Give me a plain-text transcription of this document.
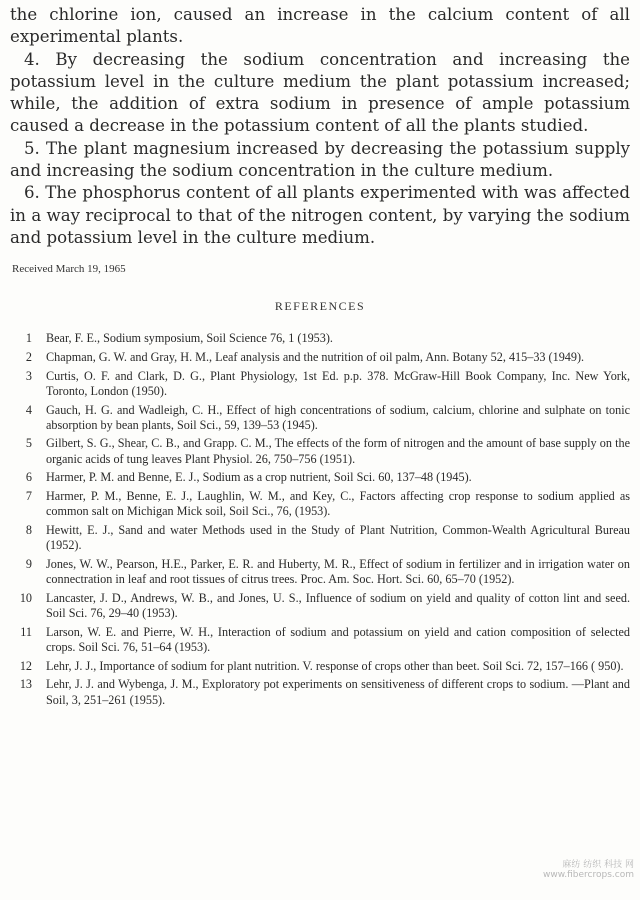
the chlorine ion, caused an increase in the calcium content of all experimental plants.

4. By decreasing the sodium concentration and increasing the potassium level in the culture medium the plant potassium increased; while, the addition of extra sodium in presence of ample potassium caused a decrease in the potassium content of all the plants studied.

5. The plant magnesium increased by decreasing the potassium supply and increasing the sodium concentration in the culture medium.

6. The phosphorus content of all plants experimented with was affected in a way reciprocal to that of the nitrogen content, by varying the sodium and potassium level in the culture medium.

Received March 19, 1965
REFERENCES
1	Bear, F. E., Sodium symposium, Soil Science 76, 1 (1953).
2	Chapman, G. W. and Gray, H. M., Leaf analysis and the nutrition of oil palm, Ann. Botany 52, 415–33 (1949).
3	Curtis, O. F. and Clark, D. G., Plant Physiology, 1st Ed. p.p. 378. McGraw-Hill Book Company, Inc. New York, Toronto, London (1950).
4	Gauch, H. G. and Wadleigh, C. H., Effect of high concentrations of sodium, calcium, chlorine and sulphate on tonic absorption by bean plants, Soil Sci., 59, 139–53 (1945).
5	Gilbert, S. G., Shear, C. B., and Grapp. C. M., The effects of the form of nitrogen and the amount of base supply on the organic acids of tung leaves Plant Physiol. 26, 750–756 (1951).
6	Harmer, P. M. and Benne, E. J., Sodium as a crop nutrient, Soil Sci. 60, 137–48 (1945).
7	Harmer, P. M., Benne, E. J., Laughlin, W. M., and Key, C., Factors affecting crop response to sodium applied as common salt on Michigan Mick soil, Soil Sci., 76, (1953).
8	Hewitt, E. J., Sand and water Methods used in the Study of Plant Nutrition, Common-Wealth Agricultural Bureau (1952).
9	Jones, W. W., Pearson, H.E., Parker, E. R. and Huberty, M. R., Effect of sodium in fertilizer and in irrigation water on connectration in leaf and root tissues of citrus trees. Proc. Am. Soc. Hort. Sci. 60, 65–70 (1952).
10	Lancaster, J. D., Andrews, W. B., and Jones, U. S., Influence of sodium on yield and quality of cotton lint and seed. Soil Sci. 76, 29–40 (1953).
11	Larson, W. E. and Pierre, W. H., Interaction of sodium and potassium on yield and cation composition of selected crops. Soil Sci. 76, 51–64 (1953).
12	Lehr, J. J., Importance of sodium for plant nutrition. V. response of crops other than beet. Soil Sci. 72, 157–166 ( 950).
13	Lehr, J. J. and Wybenga, J. M., Exploratory pot experiments on sensitiveness of different crops to sodium. —Plant and Soil, 3, 251–261 (1955).
麻纺 纺织 科技 网
www.fibercrops.com
